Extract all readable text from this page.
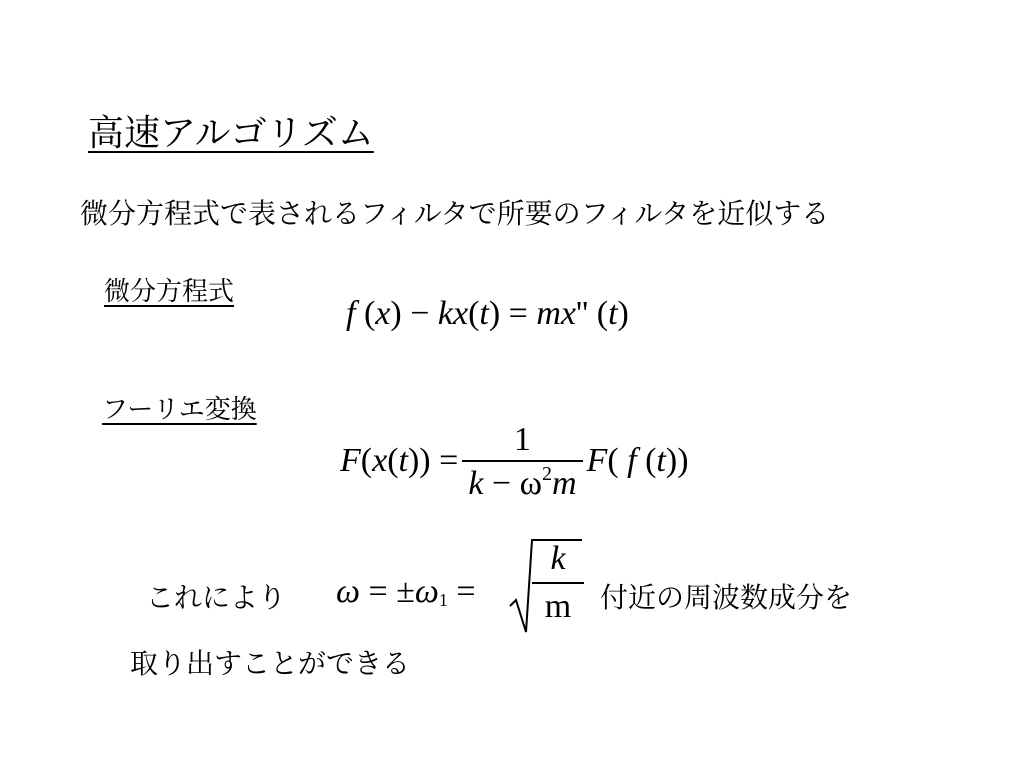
高速アルゴリズム
微分方程式で表されるフィルタで所要のフィルタを近似する
微分方程式
f (x) − kx(t) = mx'' (t)
フーリエ変換
$F(x(t)) = \frac{1}{k - \omega^2m} F$( f (t))
これにより $\omega = \pm\omega_1 = \frac{k}{m}$ 付近の周波数成分を
取り出すことができる
